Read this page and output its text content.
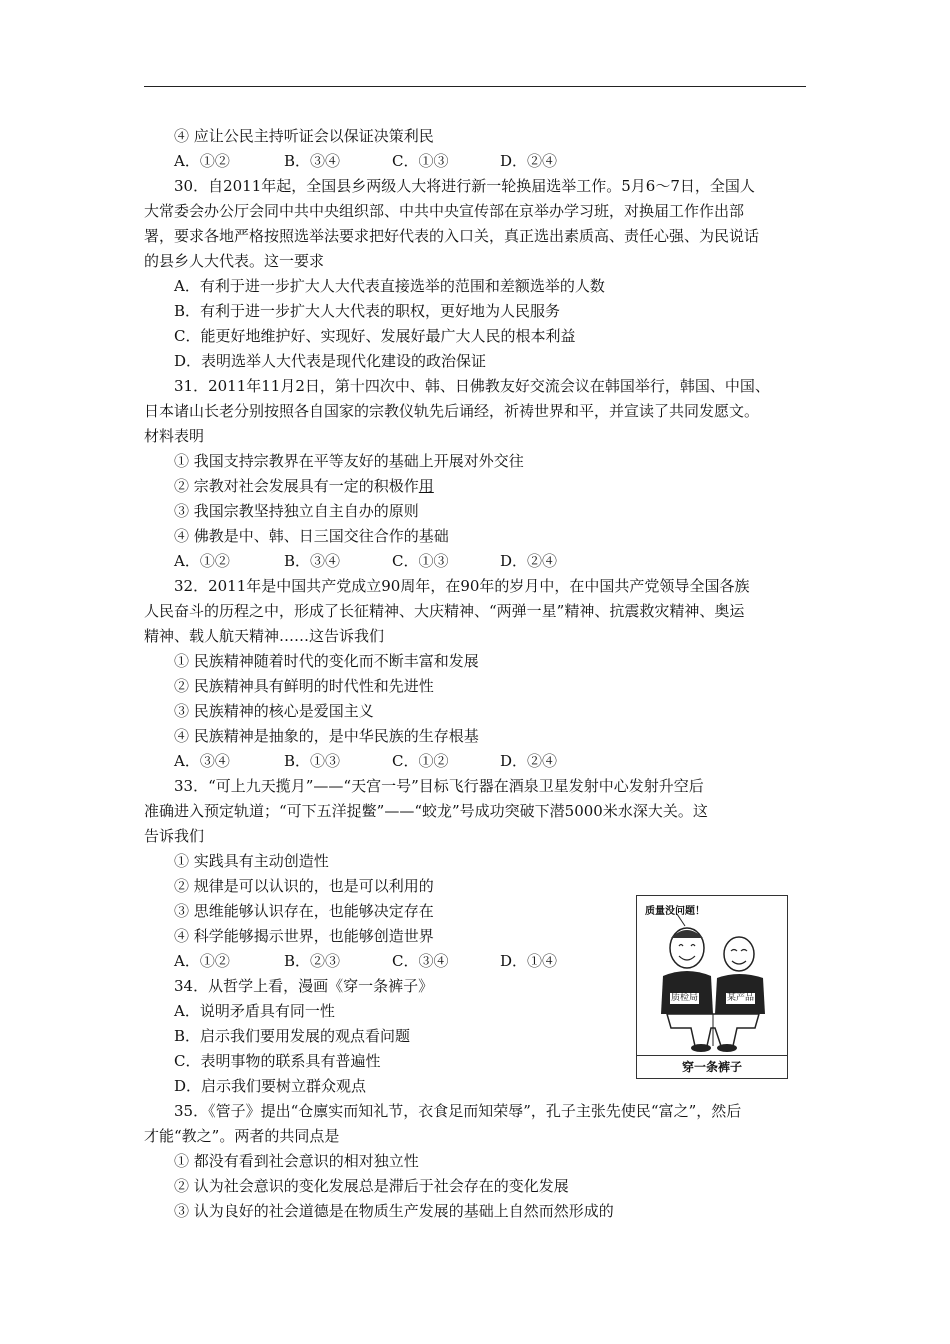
④ 应让公民主持听证会以保证决策利民
A．①②	B．③④	C．①③	D．②④
30．自2011年起，全国县乡两级人大将进行新一轮换届选举工作。5月6～7日，全国人
大常委会办公厅会同中共中央组织部、中共中央宣传部在京举办学习班，对换届工作作出部
署，要求各地严格按照选举法要求把好代表的入口关，真正选出素质高、责任心强、为民说话
的县乡人大代表。这一要求
A．有利于进一步扩大人大代表直接选举的范围和差额选举的人数
B．有利于进一步扩大人大代表的职权，更好地为人民服务
C．能更好地维护好、实现好、发展好最广大人民的根本利益
D．表明选举人大代表是现代化建设的政治保证
31．2011年11月2日，第十四次中、韩、日佛教友好交流会议在韩国举行，韩国、中国、
日本诸山长老分别按照各自国家的宗教仪轨先后诵经，祈祷世界和平，并宣读了共同发愿文。
材料表明
① 我国支持宗教界在平等友好的基础上开展对外交往
② 宗教对社会发展具有一定的积极作用
③ 我国宗教坚持独立自主自办的原则
④ 佛教是中、韩、日三国交往合作的基础
A．①②	B．③④	C．①③	D．②④
32．2011年是中国共产党成立90周年，在90年的岁月中，在中国共产党领导全国各族
人民奋斗的历程之中，形成了长征精神、大庆精神、“两弹一星”精神、抗震救灾精神、奥运
精神、载人航天精神……这告诉我们
① 民族精神随着时代的变化而不断丰富和发展
② 民族精神具有鲜明的时代性和先进性
③ 民族精神的核心是爱国主义
④ 民族精神是抽象的，是中华民族的生存根基
A．③④	B．①③	C．①②	D．②④
33．“可上九天揽月”——“天宫一号”目标飞行器在酒泉卫星发射中心发射升空后
准确进入预定轨道；“可下五洋捉鳖”——“蛟龙”号成功突破下潜5000米水深大关。这
告诉我们
① 实践具有主动创造性
② 规律是可以认识的，也是可以利用的
③ 思维能够认识存在，也能够决定存在
④ 科学能够揭示世界，也能够创造世界
A．①②	B．②③	C．③④	D．①④
34．从哲学上看，漫画《穿一条裤子》
A．说明矛盾具有同一性
B．启示我们要用发展的观点看问题
C．表明事物的联系具有普遍性
D．启示我们要树立群众观点
35．《管子》提出“仓廪实而知礼节，衣食足而知荣辱”，孔子主张先使民“富之”，然后
才能“教之”。两者的共同点是
① 都没有看到社会意识的相对独立性
② 认为社会意识的变化发展总是滞后于社会存在的变化发展
③ 认为良好的社会道德是在物质生产发展的基础上自然而然形成的
质量没问题！
质检局	某产品
穿一条裤子
